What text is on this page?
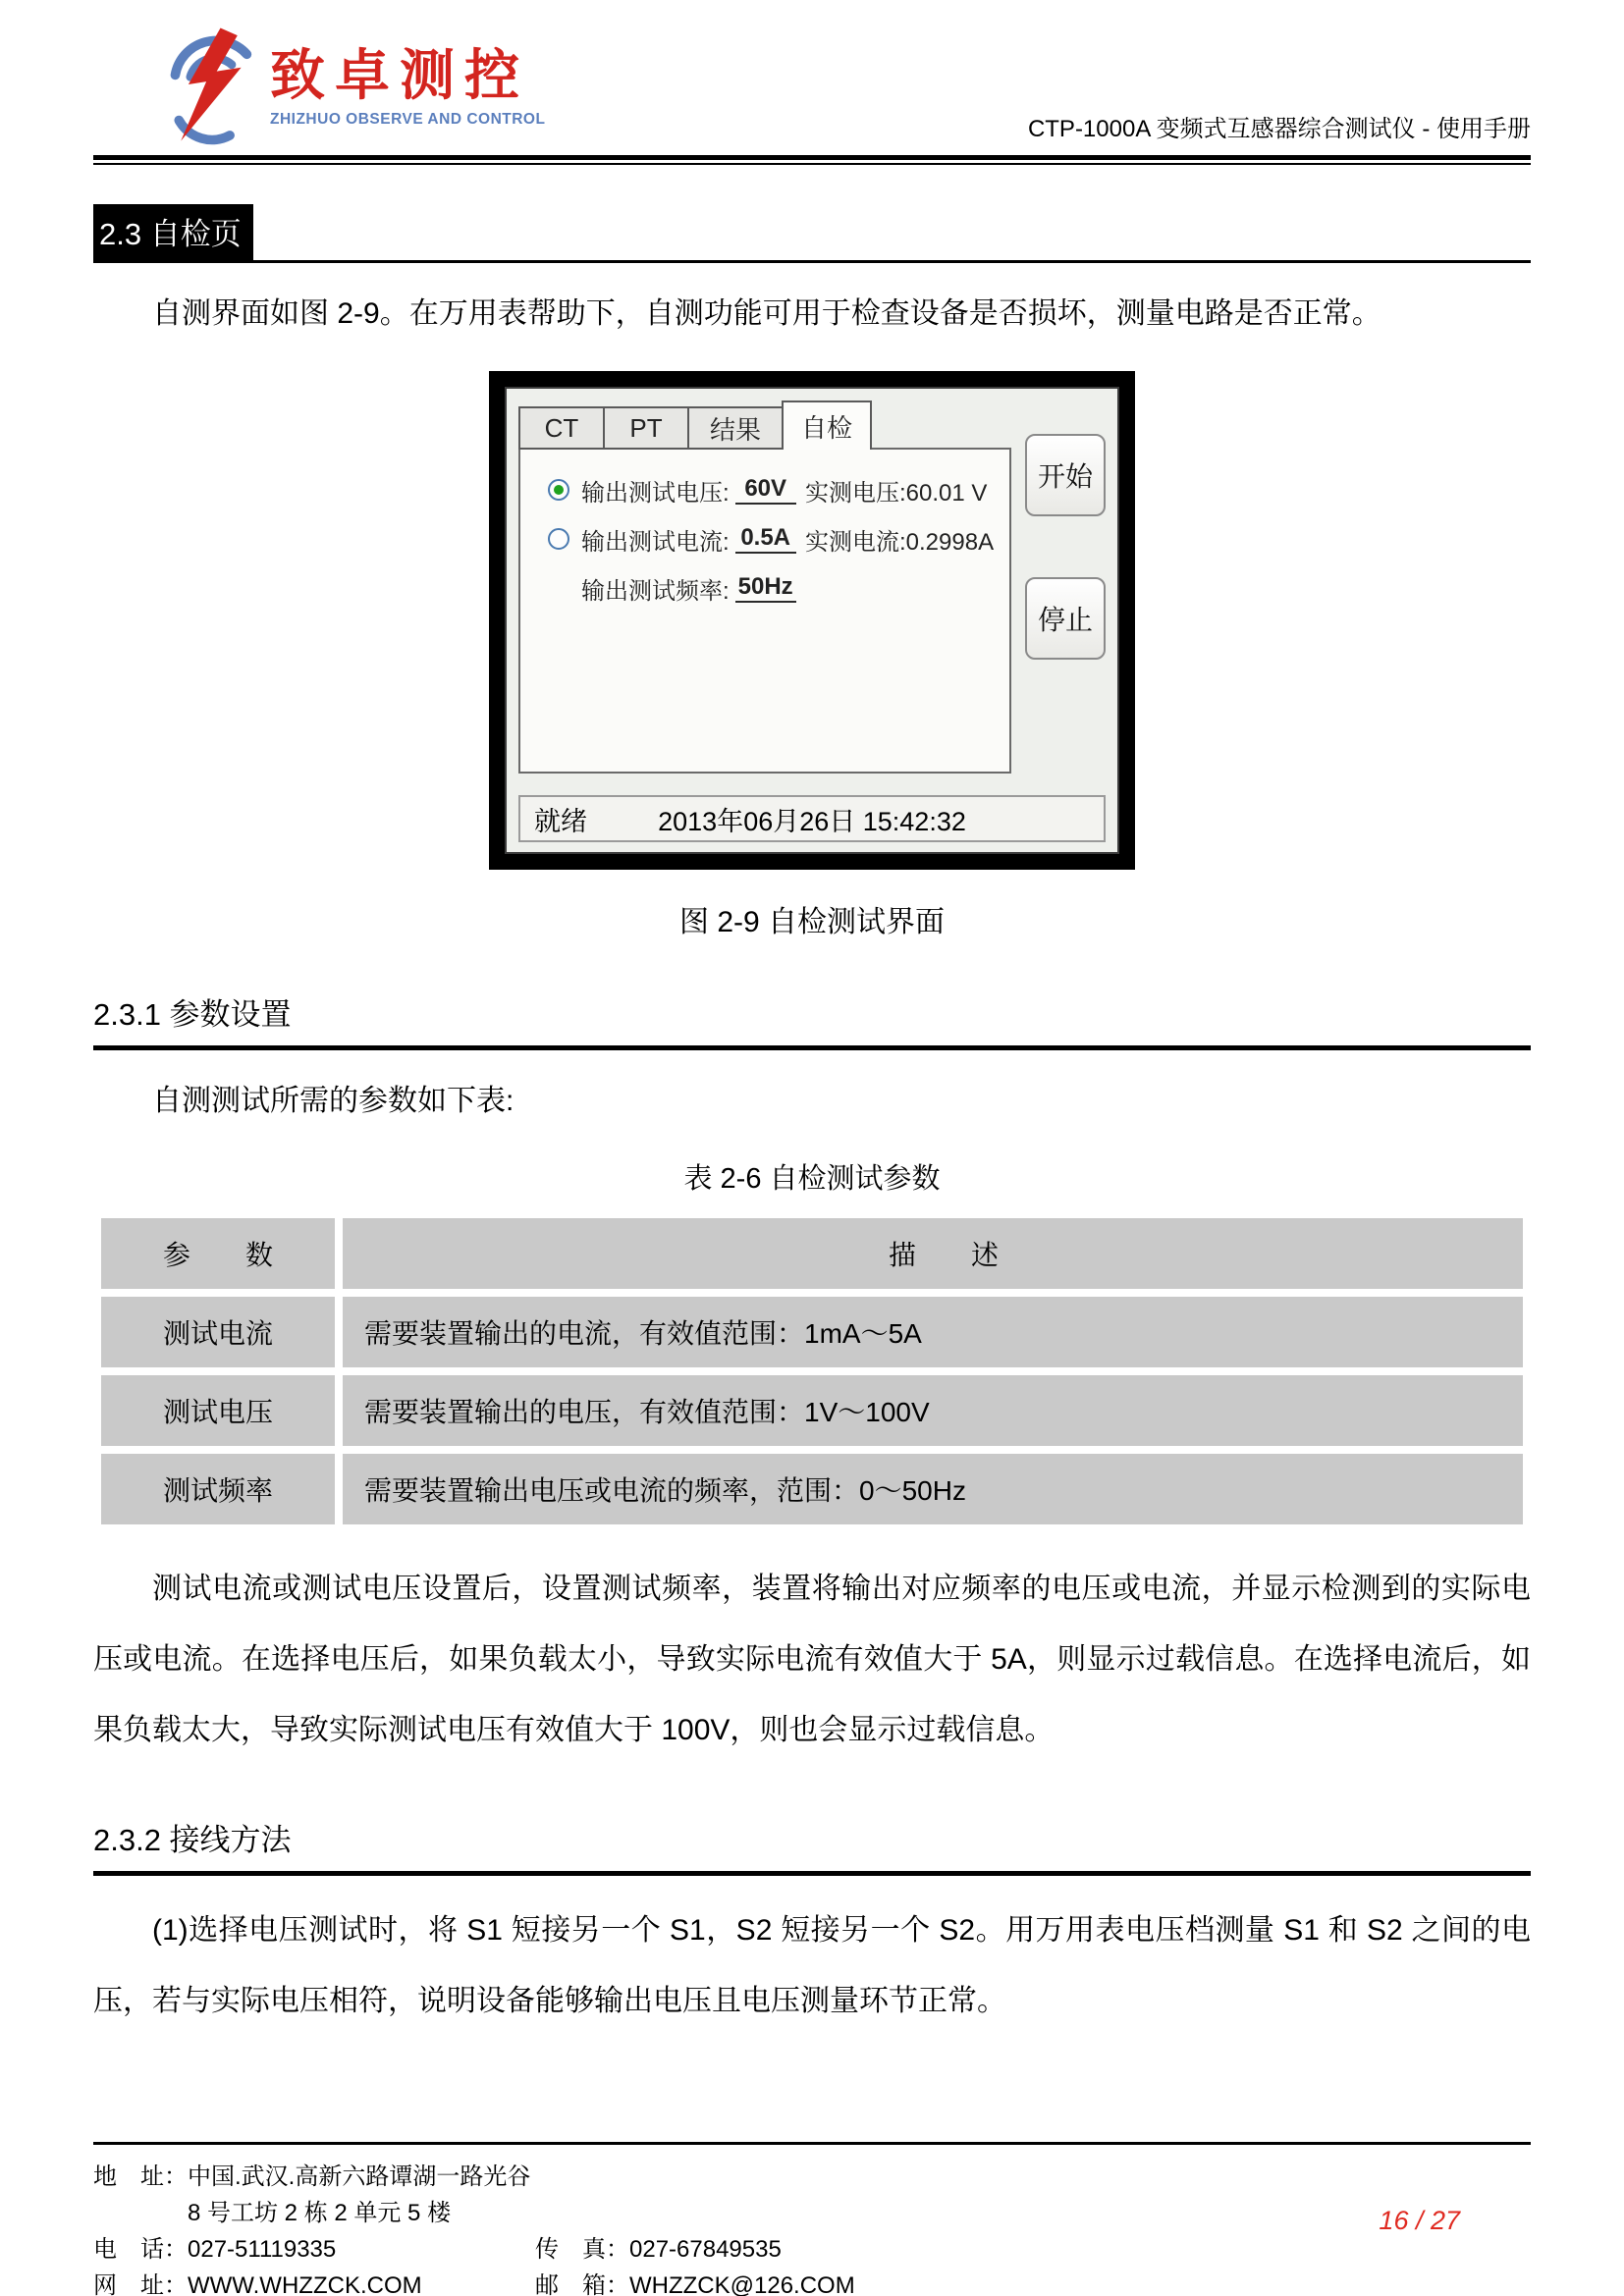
致卓测控
ZHIZHUO OBSERVE AND CONTROL	CTP-1000A 变频式互感器综合测试仪 - 使用手册
2.3 自检页
自测界面如图 2-9。在万用表帮助下，自测功能可用于检查设备是否损坏，测量电路是否正常。
CT PT 结果 自检
输出测试电压: 60V 实测电压:60.01 V
输出测试电流: 0.5A 实测电流:0.2998A
输出测试频率: 50Hz
开始
停止
就绪	2013年06月26日 15:42:32
图 2-9 自检测试界面
2.3.1 参数设置
自测测试所需的参数如下表:
表 2-6 自检测试参数
参　　数	描　　述
测试电流	需要装置输出的电流，有效值范围：1mA～5A
测试电压	需要装置输出的电压，有效值范围：1V～100V
测试频率	需要装置输出电压或电流的频率，范围：0～50Hz
测试电流或测试电压设置后，设置测试频率，装置将输出对应频率的电压或电流，并显示检测到的实际电压或电流。在选择电压后，如果负载太小，导致实际电流有效值大于 5A，则显示过载信息。在选择电流后，如果负载太大，导致实际测试电压有效值大于 100V，则也会显示过载信息。
2.3.2 接线方法
(1)选择电压测试时，将 S1 短接另一个 S1，S2 短接另一个 S2。用万用表电压档测量 S1 和 S2 之间的电压，若与实际电压相符，说明设备能够输出电压且电压测量环节正常。
地　址： 中国.武汉.高新六路谭湖一路光谷 8 号工坊 2 栋 2 单元 5 楼
电　话： 027-51119335	传　真： 027-67849535
网　址： WWW.WHZZCK.COM	邮　箱： WHZZCK@126.COM
16 / 27
